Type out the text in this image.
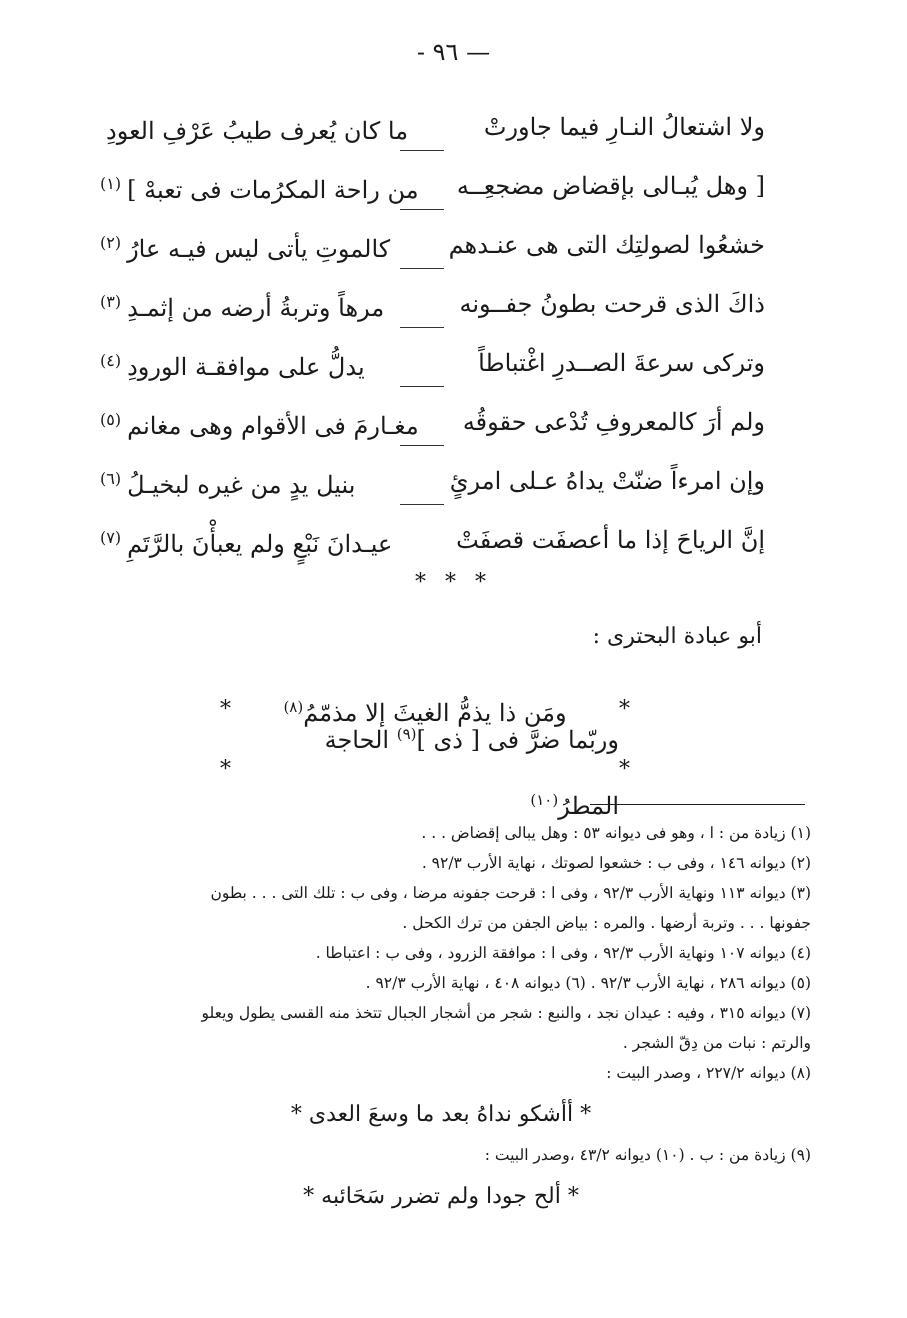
— ٩٦ -
ولا اشتعالُ النـارِ فيما جاورتْ
ما كان يُعرف طيبُ عَرْفِ العودِ
[ وهل يُبـالى بإقضاض مضجعِــه
من راحة المكرُمات فى تعبهْ ]$^{(١)}$
خشعُوا لصولتِك التى هى عنـدهم
كالموتِ يأتى ليس فيـه عارُ$^{(٢)}$
ذاكَ الذى قرحت بطونُ جفــونه
مرهاً وتربةُ أرضه من إثمـدِ$^{(٣)}$
وتركى سرعةَ الصــدرِ اغْتباطاً
يدلُّ على موافقـة الورودِ$^{(٤)}$
ولم أرَ كالمعروفِ تُدْعى حقوقُه
مغـارمَ فى الأقوام وهى مغانم$^{(٥)}$
وإن امرءاً ضنّتْ يداهُ عـلى امرئٍ
بنيل يدٍ من غيره لبخيـلُ$^{(٦)}$
إنَّ الرياحَ إذا ما أعصفَت قصفَتْ
عيـدانَ نَبْعٍ ولم يعبأْنَ بالرَّتَمِ$^{(٧)}$
* * *
أبو عبادة البحترى :
*
ومَن ذا يذمُّ الغيثَ إلا مذمّمُ$^{(٨)}$
*
*
وربّما ضرَّ فى [ ذى ]$^{(٩)}$ الحاجة المطرُ$^{(١٠)}$
*
(١) زيادة من : ا ، وهو فى ديوانه ٥٣ : وهل يبالى إقضاض . . .
(٢) ديوانه ١٤٦ ، وفى ب : خشعوا لصوتك ، نهاية الأرب ٩٢/٣ .
(٣) ديوانه ١١٣ ونهاية الأرب ٩٢/٣ ، وفى ا : قرحت جفونه مرضا ، وفى ب : تلك التى . . . بطون
جفونها . . . وتربة أرضها . والمره : بياض الجفن من ترك الكحل .
(٤) ديوانه ١٠٧ ونهاية الأرب ٩٢/٣ ، وفى ا : موافقة الزرود ، وفى ب : اعتباطا .
(٥) ديوانه ٢٨٦ ، نهاية الأرب ٩٢/٣ . (٦) ديوانه ٤٠٨ ، نهاية الأرب ٩٢/٣ .
(٧) ديوانه ٣١٥ ، وفيه : عيدان نجد ، والنبع : شجر من أشجار الجبال تتخذ منه القسى يطول ويعلو
والرتم : نبات من دِقّ الشجر .
(٨) ديوانه ٢٢٧/٢ ، وصدر البيت :
* أأشكو نداهُ بعد ما وسعَ العدى *
(٩) زيادة من : ب . (١٠) ديوانه ٤٣/٢ ،وصدر البيت :
* ألح جودا ولم تضرر سَحَائبه *
